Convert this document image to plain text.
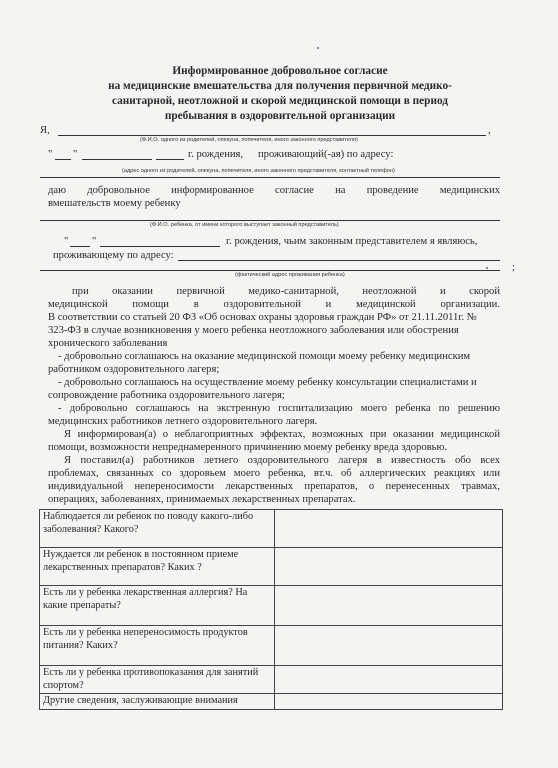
Информированное добровольное согласие
на медицинские вмешательства для получения первичной медико-
санитарной, неотложной и скорой медицинской помощи в период
пребывания в оздоровительной организации
Я,	,
(Ф.И.О. одного из родителей, опекуна, попечителя, иного законного представителя)
" "	г. рождения, проживающий(-ая) по адресу:
(адрес одного из родителей, опекуна, попечителя, иного законного представителя, контактный телефон)
даю добровольное информированное согласие на проведение медицинских
вмешательств моему ребенку
(Ф.И.О. ребенка, от имени которого выступает законный представитель)
" "	г. рождения, чьим законным представителем я являюсь,
проживающему по адресу:
;
(фактический адрес проживания ребенка)
при оказании первичной медико-санитарной, неотложной и скорой
медицинской помощи в оздоровительной и медицинской организации.
В соответствии со статьей 20 ФЗ «Об основах охраны здоровья граждан РФ» от 21.11.2011г. №
323-ФЗ в случае возникновения у моего ребенка неотложного заболевания или обострения
хронического заболевания
- добровольно соглашаюсь на оказание медицинской помощи моему ребенку медицинским
работником оздоровительного лагеря;
- добровольно соглашаюсь на осуществление моему ребенку консультации специалистами и
сопровождение работника оздоровительного лагеря;
- добровольно соглашаюсь на экстренную госпитализацию моего ребенка по решению
медицинских работников летнего оздоровительного лагеря.
Я информирован(а) о неблагоприятных эффектах, возможных при оказании медицинской
помощи, возможности непреднамеренного причинению моему ребенку вреда здоровью.
Я поставил(а) работников летнего оздоровительного лагеря в известность обо всех
проблемах, связанных со здоровьем моего ребенка, вт.ч. об аллергических реакциях или
индивидуальной непереносимости лекарственных препаратов, о перенесенных травмах,
операциях, заболеваниях, принимаемых лекарственных препаратах.
Наблюдается ли ребенок по поводу какого-либо заболевания? Какого?	
Нуждается ли ребенок в постоянном приеме лекарственных препаратов? Каких ?	
Есть ли у ребенка лекарственная аллергия? На какие препараты?	
Есть ли у ребенка непереносимость продуктов питания? Каких?	
Есть ли у ребенка противопоказания для занятий спортом?	
Другие сведения, заслуживающие внимания	
